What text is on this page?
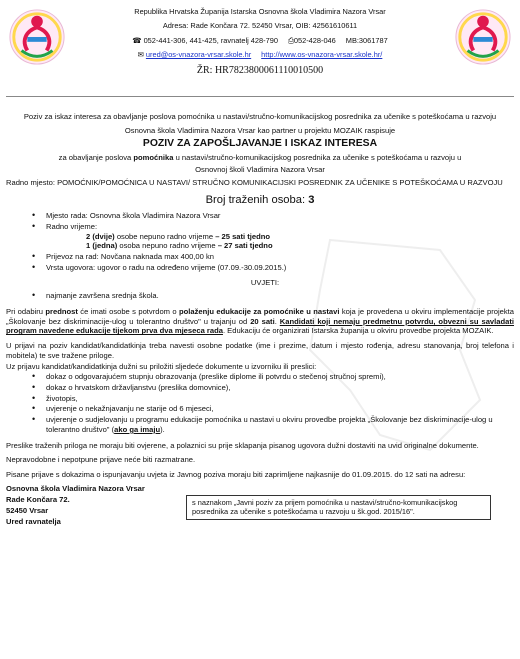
Republika Hrvatska Županija Istarska Osnovna škola Vladimira Nazora Vrsar
Adresa: Rade Končara 72. 52450 Vrsar, OIB: 42561610611
☎ 052-441-306, 441-425, ravnatelj 428-790 ⎙052-428-046 MB:3061787
✉ ured@os-vnazora-vrsar.skole.hr http://www.os-vnazora-vrsar.skole.hr/
ŽR: HR7823800061110010500
Poziv za iskaz interesa za obavljanje poslova pomoćnika u nastavi/stručno-komunikacijskog posrednika za učenike s poteškoćama u razvoju
Osnovna škola Vladimira Nazora Vrsar kao partner u projektu MOZAIK raspisuje
POZIV ZA ZAPOŠLJAVANJE I ISKAZ INTERESA
za obavljanje poslova pomoćnika u nastavi/stručno-komunikacijskog posrednika za učenike s poteškoćama u razvoju u
Osnovnoj školi Vladimira Nazora Vrsar
Radno mjesto: POMOĆNIK/POMOĆNICA U NASTAVI/ STRUČNO KOMUNIKACIJSKI POSREDNIK ZA UČENIKE S POTEŠKOĆAMA U RAZVOJU
Broj traženih osoba: 3
• Mjesto rada: Osnovna škola Vladimira Nazora Vrsar
• Radno vrijeme:
2 (dvije) osobe nepuno radno vrijeme – 25 sati tjedno
1 (jedna) osoba nepuno radno vrijeme – 27 sati tjedno
• Prijevoz na rad: Novčana naknada max 400,00 kn
• Vrsta ugovora: ugovor o radu na određeno vrijeme (07.09.-30.09.2015.)
UVJETI:
• najmanje završena srednja škola.

Pri odabiru prednost će imati osobe s potvrdom o polaženju edukacije za pomoćnike u nastavi koja je provedena u okviru implementacije projekta „Školovanje bez diskriminacije-ulog u tolerantno društvo" u trajanju od 20 sati. Kandidati koji nemaju predmetnu potvrdu, obvezni su savladati program navedene edukacije tijekom prva dva mjeseca rada. Edukaciju će organizirati Istarska županija u okviru provedbe projekta MOZAIK.

U prijavi na poziv kandidat/kandidatkinja treba navesti osobne podatke (ime i prezime, datum i mjesto rođenja, adresu stanovanja, broj telefona i mobitela) te sve tražene priloge.

Uz prijavu kandidat/kandidatkinja dužni su priložiti sljedeće dokumente u izvorniku ili preslici:

• dokaz o odgovarajućem stupnju obrazovanja (preslike diplome ili potvrdu o stečenoj stručnoj spremi),
• dokaz o hrvatskom državljanstvu (preslika domovnice),
• životopis,
• uvjerenje o nekažnjavanju ne starije od 6 mjeseci,
• uvjerenje o sudjelovanju u programu edukacije pomoćnika u nastavi u okviru provedbe projekta „Školovanje bez diskriminacije-ulog u tolerantno društvo" (ako ga imaju).

Preslike traženih priloga ne moraju biti ovjerene, a polaznici su prije sklapanja pisanog ugovora dužni dostaviti na uvid originalne dokumente.

Nepravodobne i nepotpune prijave neće biti razmatrane.

Pisane prijave s dokazima o ispunjavanju uvjeta iz Javnog poziva moraju biti zaprimljene najkasnije do 01.09.2015. do 12 sati na adresu:

Osnovna škola Vladimira Nazora Vrsar
Rade Končara 72.
52450 Vrsar
Ured ravnatelja
s naznakom „Javni poziv za prijem pomoćnika u nastavi/stručno-komunikacijskog posrednika za učenike s poteškoćama u razvoju u šk.god. 2015/16".
